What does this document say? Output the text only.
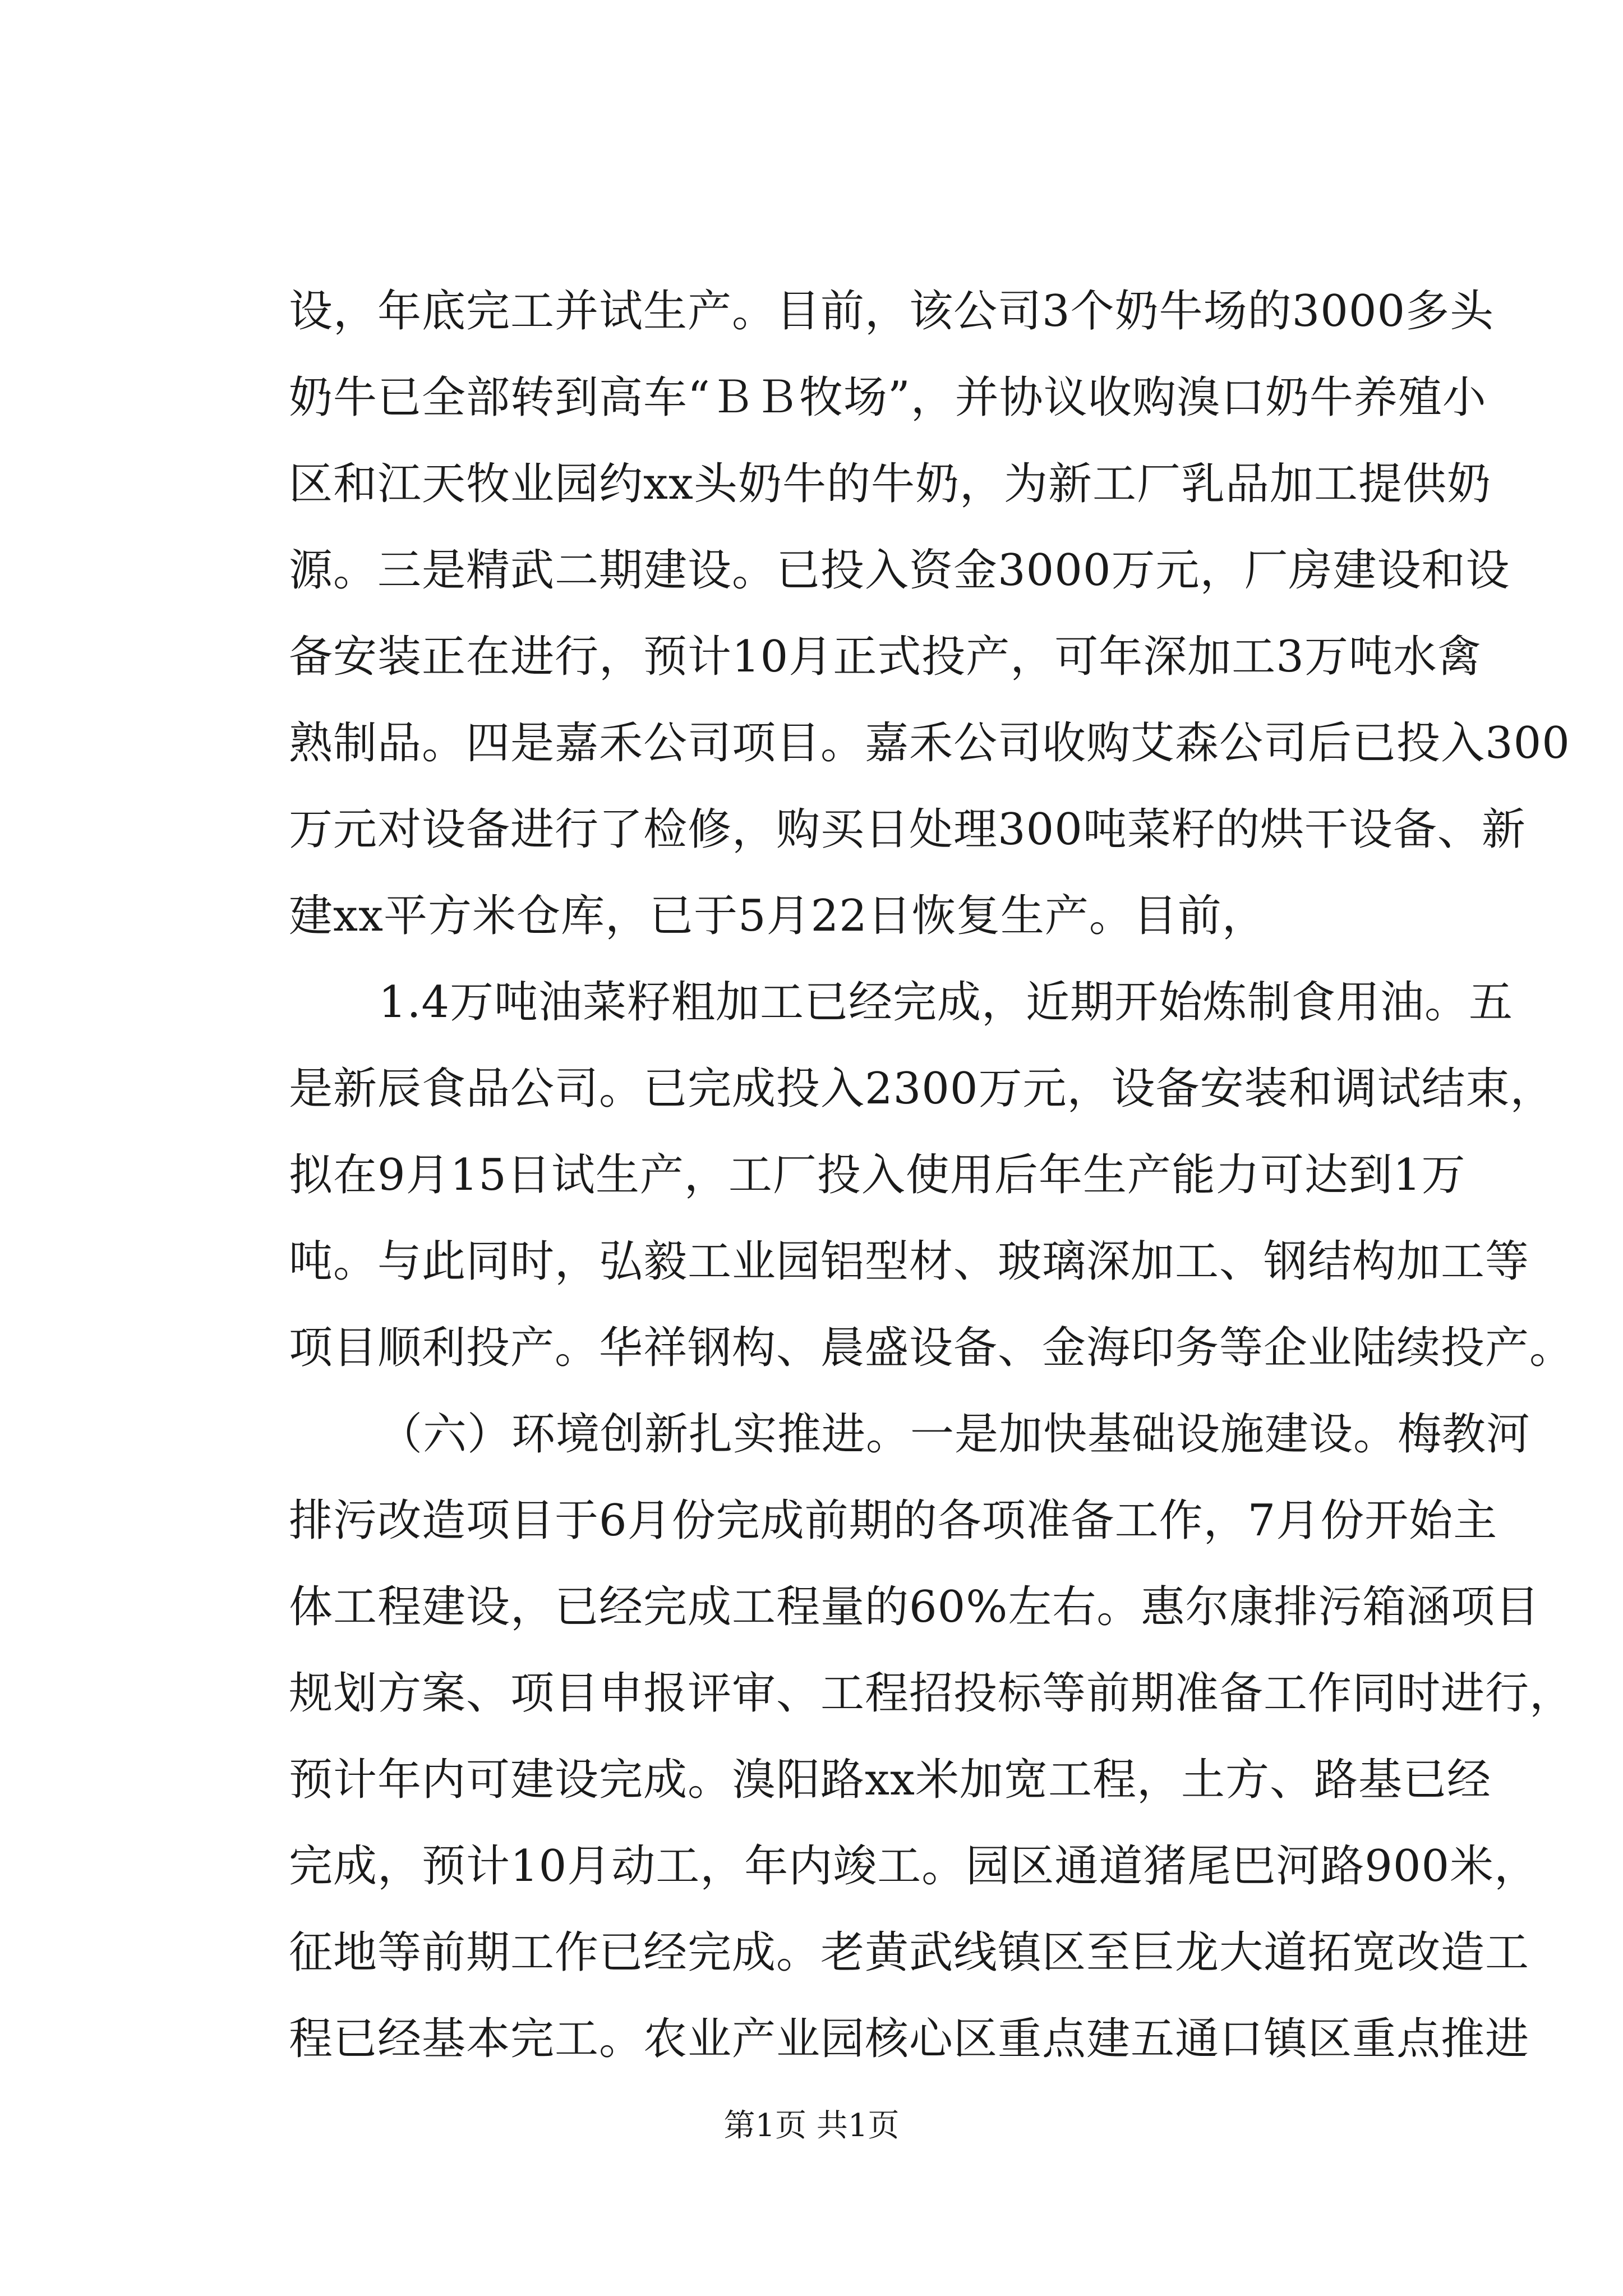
设，年底完工并试生产。目前，该公司3个奶牛场的3000多头
奶牛已全部转到高车“ＢＢ牧场”，并协议收购溴口奶牛养殖小
区和江天牧业园约xx头奶牛的牛奶，为新工厂乳品加工提供奶
源。三是精武二期建设。已投入资金3000万元，厂房建设和设
备安装正在进行，预计10月正式投产，可年深加工3万吨水禽
熟制品。四是嘉禾公司项目。嘉禾公司收购艾森公司后已投入300
万元对设备进行了检修，购买日处理300吨菜籽的烘干设备、新
建xx平方米仓库，已于5月22日恢复生产。目前，
1.4万吨油菜籽粗加工已经完成，近期开始炼制食用油。五
是新辰食品公司。已完成投入2300万元，设备安装和调试结束，
拟在9月15日试生产，工厂投入使用后年生产能力可达到1万
吨。与此同时，弘毅工业园铝型材、玻璃深加工、钢结构加工等
项目顺利投产。华祥钢构、晨盛设备、金海印务等企业陆续投产。
（六）环境创新扎实推进。一是加快基础设施建设。梅教河
排污改造项目于6月份完成前期的各项准备工作，7月份开始主
体工程建设，已经完成工程量的60%左右。惠尔康排污箱涵项目
规划方案、项目申报评审、工程招投标等前期准备工作同时进行，
预计年内可建设完成。溴阳路xx米加宽工程，土方、路基已经
完成，预计10月动工，年内竣工。园区通道猪尾巴河路900米，
征地等前期工作已经完成。老黄武线镇区至巨龙大道拓宽改造工
程已经基本完工。农业产业园核心区重点建五通口镇区重点推进
第1页 共1页
